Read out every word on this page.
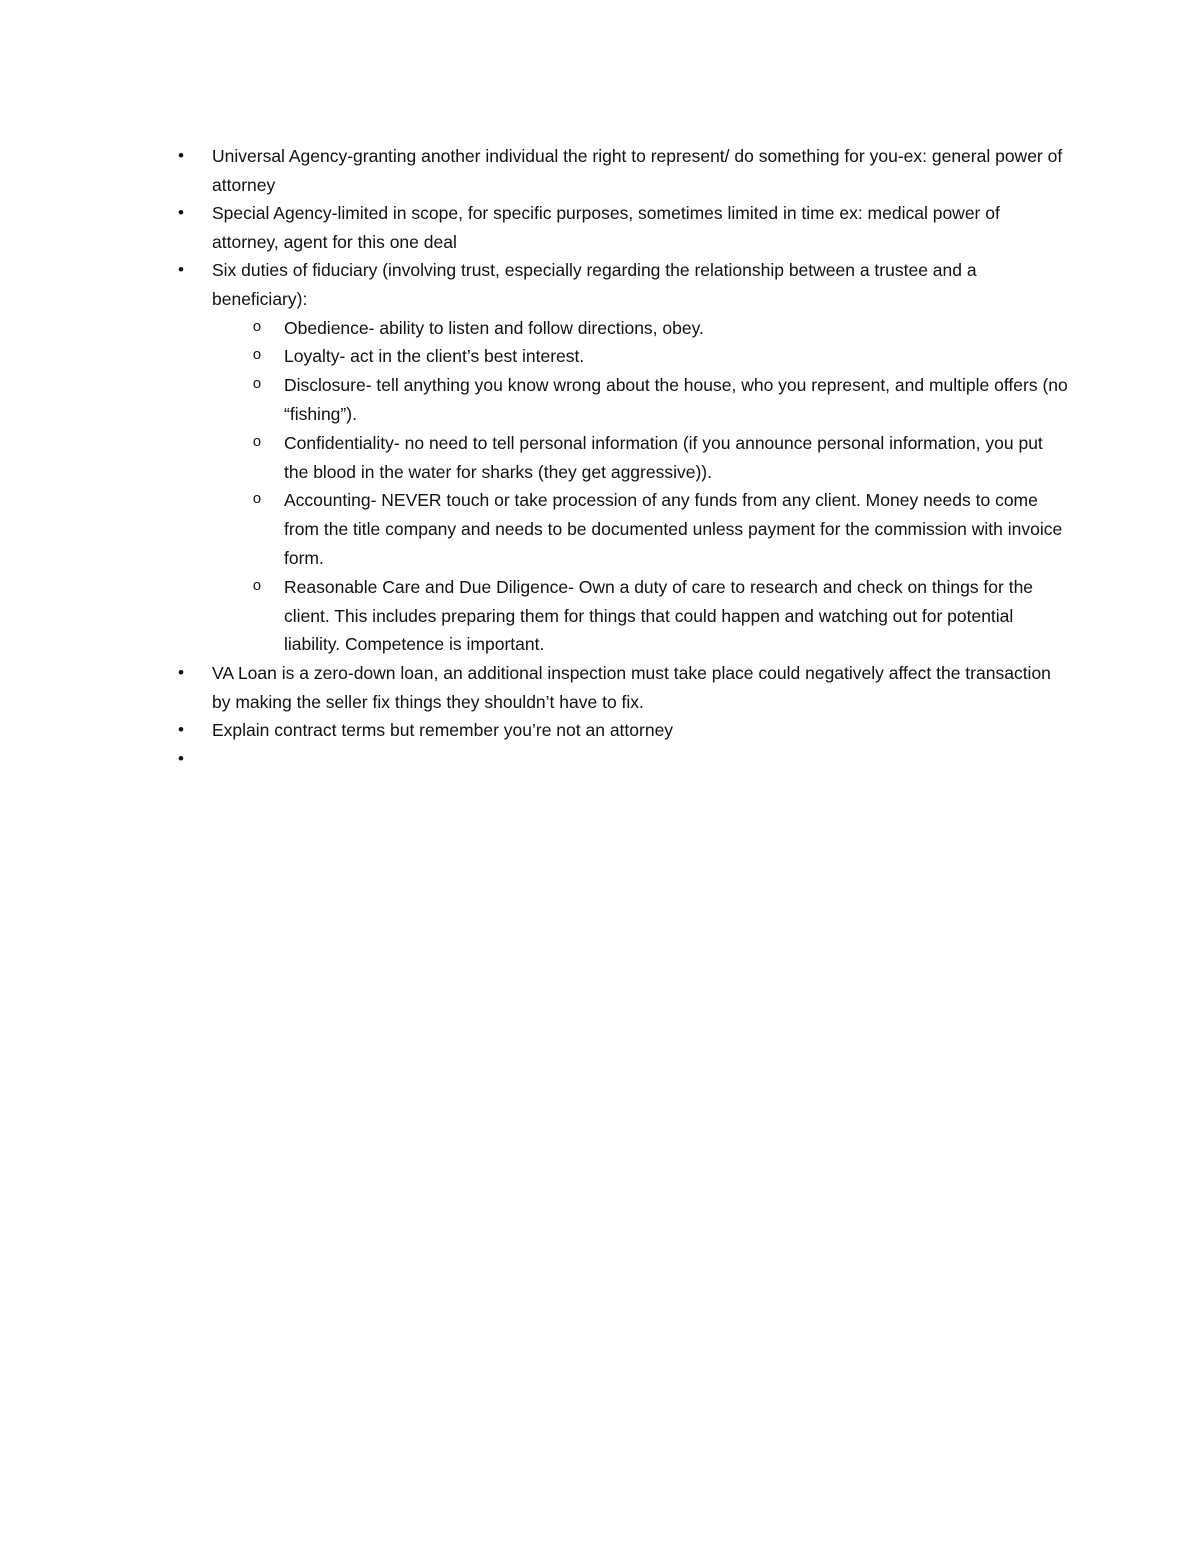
• Universal Agency-granting another individual the right to represent/ do something for you-ex: general power of attorney
• Special Agency-limited in scope, for specific purposes, sometimes limited in time ex: medical power of attorney, agent for this one deal
• Six duties of fiduciary (involving trust, especially regarding the relationship between a trustee and a beneficiary):
o Obedience- ability to listen and follow directions, obey.
o Loyalty- act in the client’s best interest.
o Disclosure- tell anything you know wrong about the house, who you represent, and multiple offers (no “fishing”).
o Confidentiality- no need to tell personal information (if you announce personal information, you put the blood in the water for sharks (they get aggressive)).
o Accounting- NEVER touch or take procession of any funds from any client. Money needs to come from the title company and needs to be documented unless payment for the commission with invoice form.
o Reasonable Care and Due Diligence- Own a duty of care to research and check on things for the client. This includes preparing them for things that could happen and watching out for potential liability. Competence is important.
• VA Loan is a zero-down loan, an additional inspection must take place could negatively affect the transaction by making the seller fix things they shouldn’t have to fix.
• Explain contract terms but remember you’re not an attorney
•
